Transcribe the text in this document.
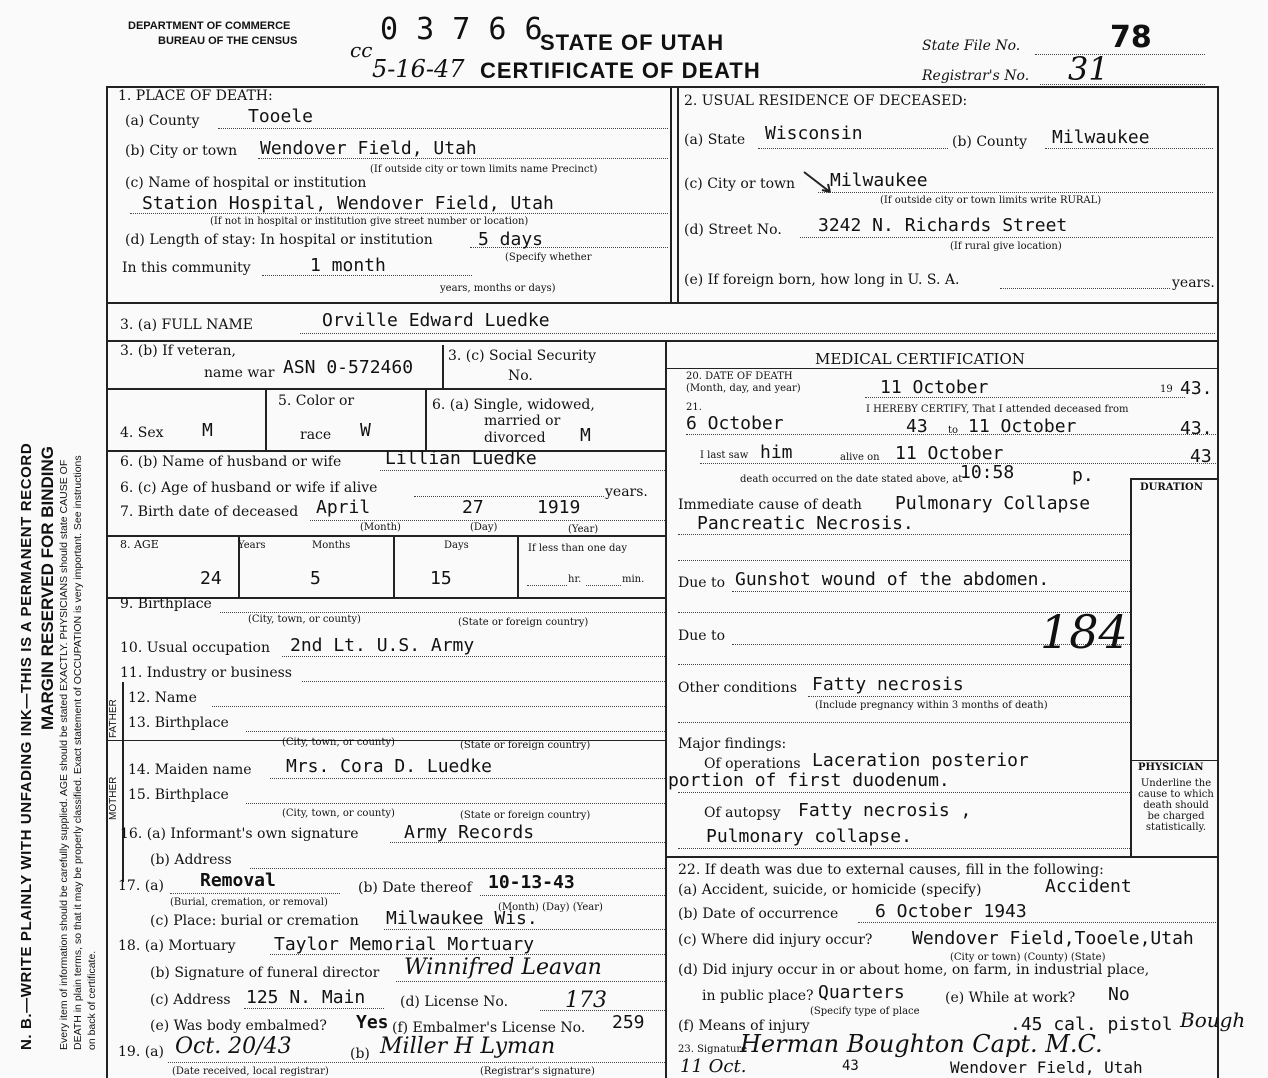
N. B.—WRITE PLAINLY WITH UNFADING INK—THIS IS A PERMANENT RECORD MARGIN RESERVED FOR BINDING Every item of information should be carefully supplied. AGE should be stated EXACTLY. PHYSICIANS should state CAUSE OF DEATH in plain terms, so that it may be properly classified. Exact statement of OCCUPATION is very important. See instructions on back of certificate.
DEPARTMENT OF COMMERCE
BUREAU OF THE CENSUS	0 3 7 6 6
cc
5-16-47
STATE OF UTAH
CERTIFICATE OF DEATH
State File No.	78
Registrar's No. 31
1. PLACE OF DEATH:
(a) County	Tooele
(b) City or town Wendover Field, Utah
(If outside city or town limits name Precinct)
(c) Name of hospital or institution
Station Hospital, Wendover Field, Utah
(If not in hospital or institution give street number or location)
(d) Length of stay: In hospital or institution	5 days
(Specify whether
In this community	1 month
years, months or days)
2. USUAL RESIDENCE OF DECEASED:
(a) State Wisconsin	(b) County Milwaukee
(c) City or town Milwaukee
(If outside city or town limits write RURAL)
(d) Street No. 3242 N. Richards Street
(If rural give location)
(e) If foreign born, how long in U. S. A.	years.
3. (a) FULL NAME	Orville Edward Luedke
3. (b) If veteran,
name war ASN 0-572460
3. (c) Social Security
No.
4. Sex M
5. Color or
race W
6. (a) Single, widowed,
married or
divorced M
6. (b) Name of husband or wife Lillian Luedke
6. (c) Age of husband or wife if alive	years.
7. Birth date of deceased April	27	1919
(Month)	(Day)	(Year)
8. AGE	Years	Months	Days	If less than one day
24	5	15	hr.	min.
9. Birthplace
(City, town, or county)	(State or foreign country)
10. Usual occupation 2nd Lt. U.S. Army
11. Industry or business
FATHER
MOTHER
12. Name
13. Birthplace
(City, town, or county)	(State or foreign country)
14. Maiden name Mrs. Cora D. Luedke
15. Birthplace
(City, town, or county)	(State or foreign country)
16. (a) Informant's own signature	Army Records
(b) Address
17. (a) Removal
(Burial, cremation, or removal)
(b) Date thereof 10-13-43
(Month) (Day) (Year)
(c) Place: burial or cremation Milwaukee Wis.
18. (a) Mortuary Taylor Memorial Mortuary
(b) Signature of funeral director Winnifred Leavan
(c) Address 125 N. Main (d) License No.	173
(e) Was body embalmed? Yes (f) Embalmer's License No. 259
19. (a) Oct. 20/43	(b) Miller H Lyman
(Date received, local registrar)	(Registrar's signature)
MEDICAL CERTIFICATION
20. DATE OF DEATH
(Month, day, and year)	11 October	19 43.
21.	I HEREBY CERTIFY, That I attended deceased from
6 October	43 to 11 October	43.
I last saw him	alive on 11 October	43
death occurred on the date stated above, at
10:58	p.
DURATION
Immediate cause of death Pulmonary Collapse
Pancreatic Necrosis.
Due to Gunshot wound of the abdomen.
Due to	184
Other conditions Fatty necrosis
(Include pregnancy within 3 months of death)
Major findings:
Of operations Laceration posterior
portion of first duodenum.
Of autopsy Fatty necrosis ,
Pulmonary collapse.
PHYSICIAN
Underline the cause to which death should be charged statistically.
22. If death was due to external causes, fill in the following:
(a) Accident, suicide, or homicide (specify)	Accident
(b) Date of occurrence 6 October 1943
(c) Where did injury occur? Wendover Field,Tooele,Utah
(City or town) (County) (State)
(d) Did injury occur in or about home, on farm, in industrial place,
in public place? Quarters
(Specify type of place
(e) While at work? No
(f) Means of injury	.45 cal. pistol Bough
23. Signature
Herman Boughton Capt. M.C.
11 Oct.	43	Wendover Field, Utah
